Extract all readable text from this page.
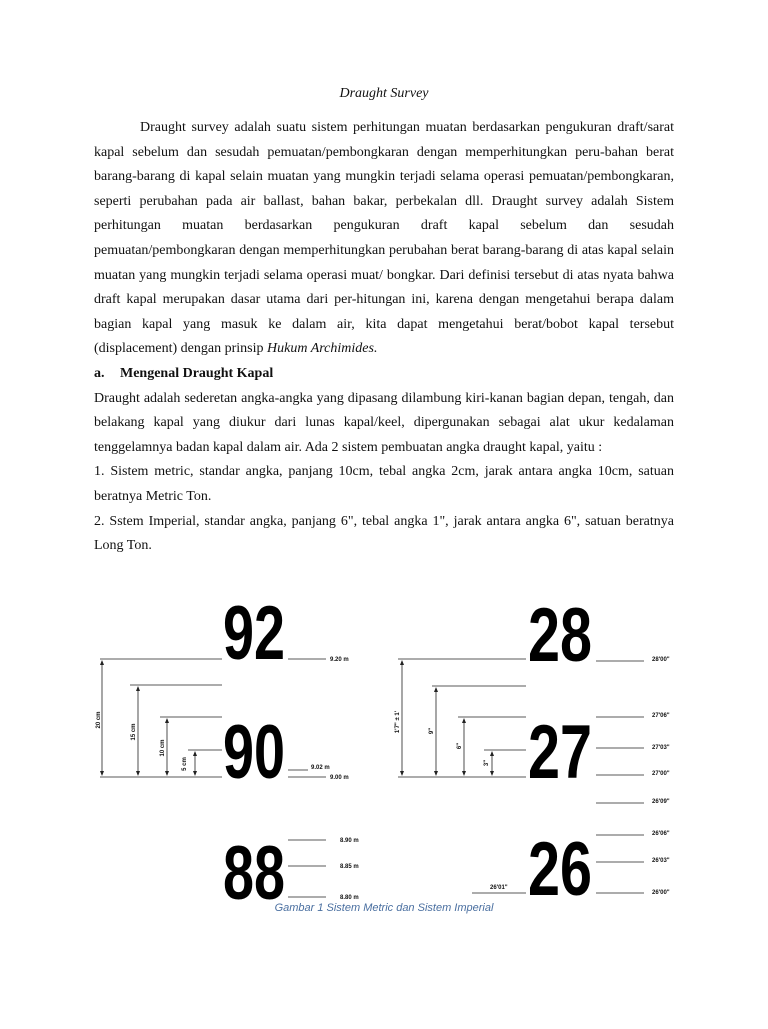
Draught Survey

Draught survey adalah suatu sistem perhitungan muatan berdasarkan pengukuran draft/sarat kapal sebelum dan sesudah pemuatan/pembongkaran dengan memperhitungkan peru-bahan berat barang-barang di kapal selain muatan yang mungkin terjadi selama operasi pemuatan/pembongkaran, seperti perubahan pada air ballast, bahan bakar, perbekalan dll. Draught survey adalah Sistem perhitungan muatan berdasarkan pengukuran draft kapal sebelum dan sesudah pemuatan/pembongkaran dengan memperhitungkan perubahan berat barang-barang di atas kapal selain muatan yang mungkin terjadi selama operasi muat/ bongkar. Dari definisi tersebut di atas nyata bahwa draft kapal merupakan dasar utama dari per-hitungan ini, karena dengan mengetahui berapa dalam bagian kapal yang masuk ke dalam air, kita dapat mengetahui berat/bobot kapal tersebut (displacement) dengan prinsip Hukum Archimides.

a. Mengenal Draught Kapal

Draught adalah sederetan angka-angka yang dipasang dilambung kiri-kanan bagian depan, tengah, dan belakang kapal yang diukur dari lunas kapal/keel, dipergunakan sebagai alat ukur kedalaman tenggelamnya badan kapal dalam air. Ada 2 sistem pembuatan angka draught kapal, yaitu :

1. Sistem metric, standar angka, panjang 10cm, tebal angka 2cm, jarak antara angka 10cm, satuan beratnya Metric Ton.

2. Sstem Imperial, standar angka, panjang 6", tebal angka 1", jarak antara angka 6", satuan beratnya Long Ton.

92
90
88
9.20 m
9.02 m
9.00 m
8.90 m
8.85 m
8.80 m
20 cm
15 cm
10 cm
5 cm
28
27
26
28'00"
27'06"
27'03"
27'00"
26'09"
26'06"
26'03"
26'00"
26'01"
1'7" ± 1'	9"
6"
3"
Gambar 1 Sistem Metric dan Sistem Imperial
